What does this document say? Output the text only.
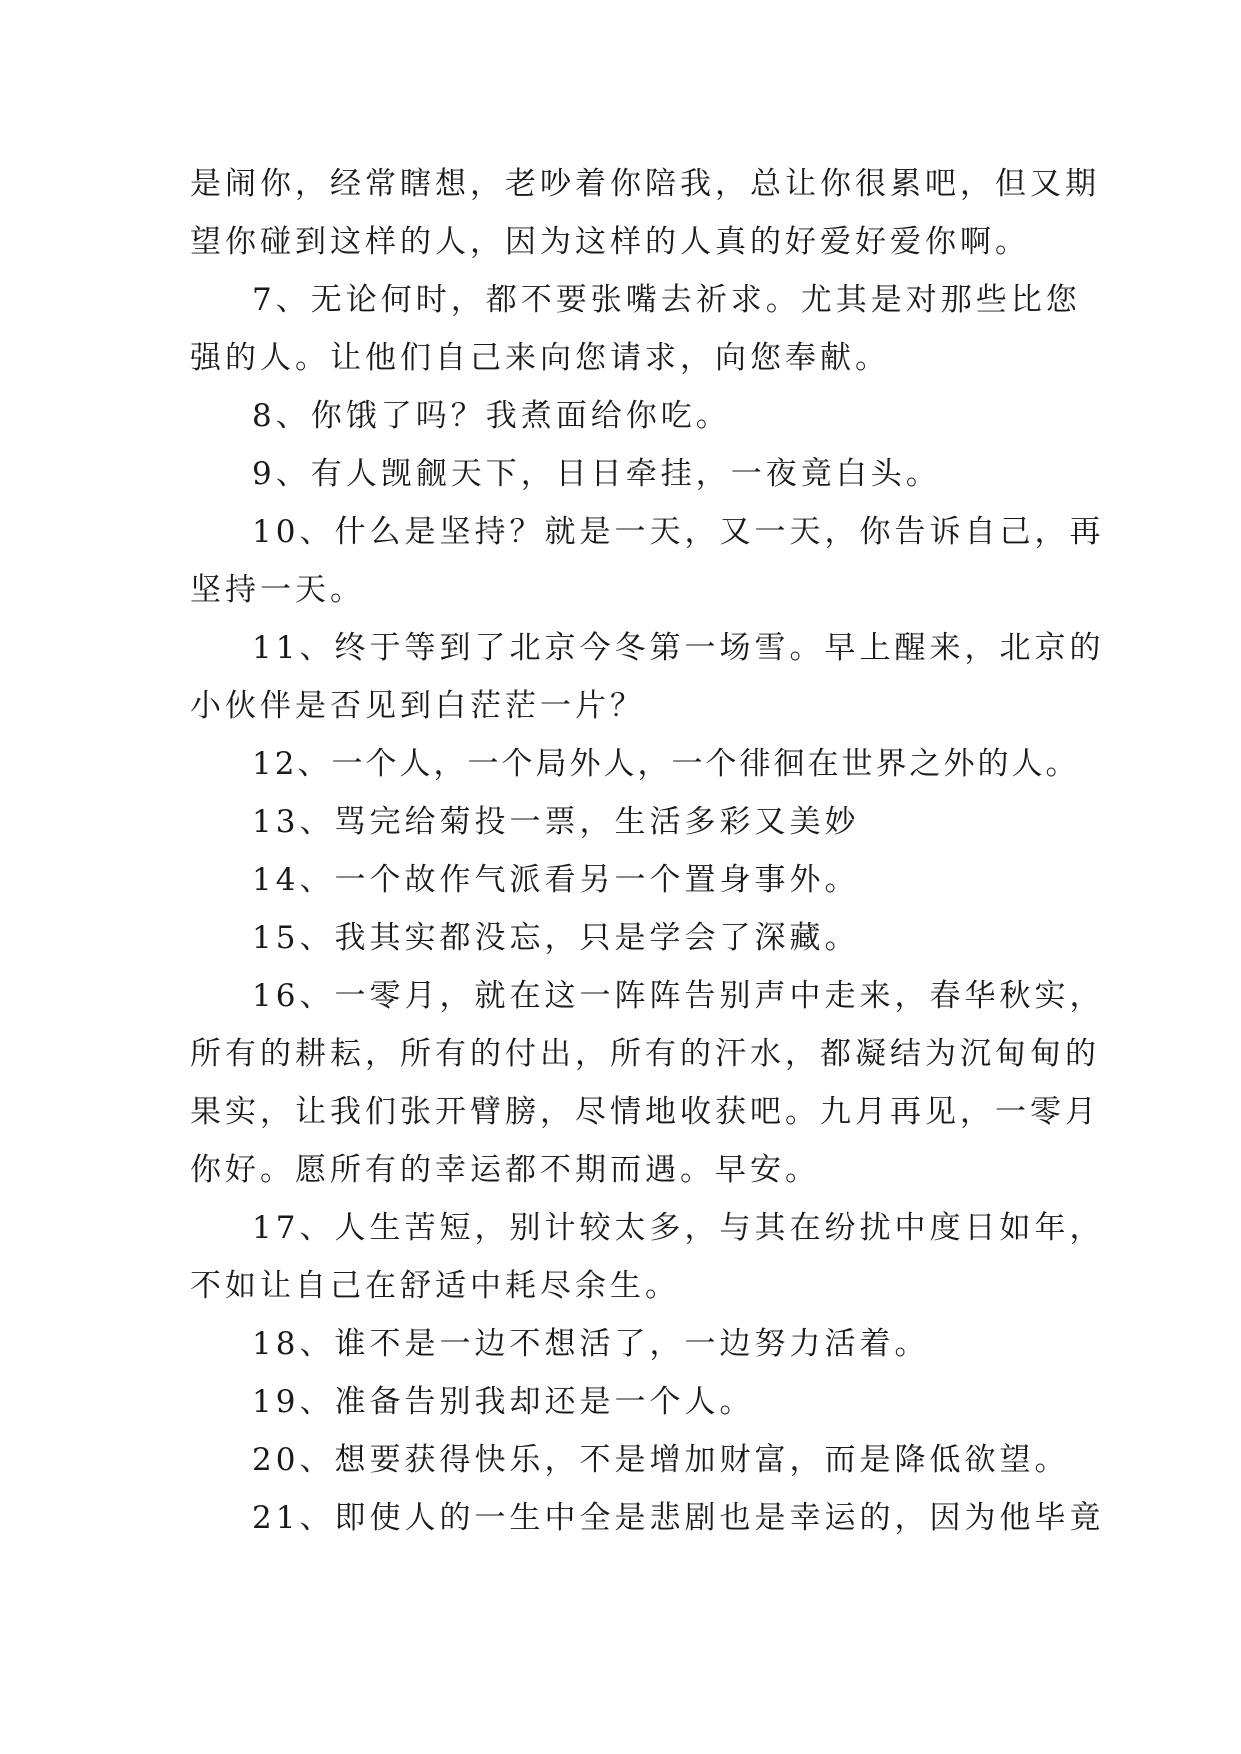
是闹你，经常瞎想，老吵着你陪我，总让你很累吧，但又期
望你碰到这样的人，因为这样的人真的好爱好爱你啊。
7、无论何时，都不要张嘴去祈求。尤其是对那些比您
强的人。让他们自己来向您请求，向您奉献。
8、你饿了吗？我煮面给你吃。
9、有人觊觎天下，日日牵挂，一夜竟白头。
10、什么是坚持？就是一天，又一天，你告诉自己，再
坚持一天。
11、终于等到了北京今冬第一场雪。早上醒来，北京的
小伙伴是否见到白茫茫一片？
12、一个人，一个局外人，一个徘徊在世界之外的人。
13、骂完给菊投一票，生活多彩又美妙
14、一个故作气派看另一个置身事外。
15、我其实都没忘，只是学会了深藏。
16、一零月，就在这一阵阵告别声中走来，春华秋实，
所有的耕耘，所有的付出，所有的汗水，都凝结为沉甸甸的
果实，让我们张开臂膀，尽情地收获吧。九月再见，一零月
你好。愿所有的幸运都不期而遇。早安。
17、人生苦短，别计较太多，与其在纷扰中度日如年，
不如让自己在舒适中耗尽余生。
18、谁不是一边不想活了，一边努力活着。
19、准备告别我却还是一个人。
20、想要获得快乐，不是增加财富，而是降低欲望。
21、即使人的一生中全是悲剧也是幸运的，因为他毕竟
